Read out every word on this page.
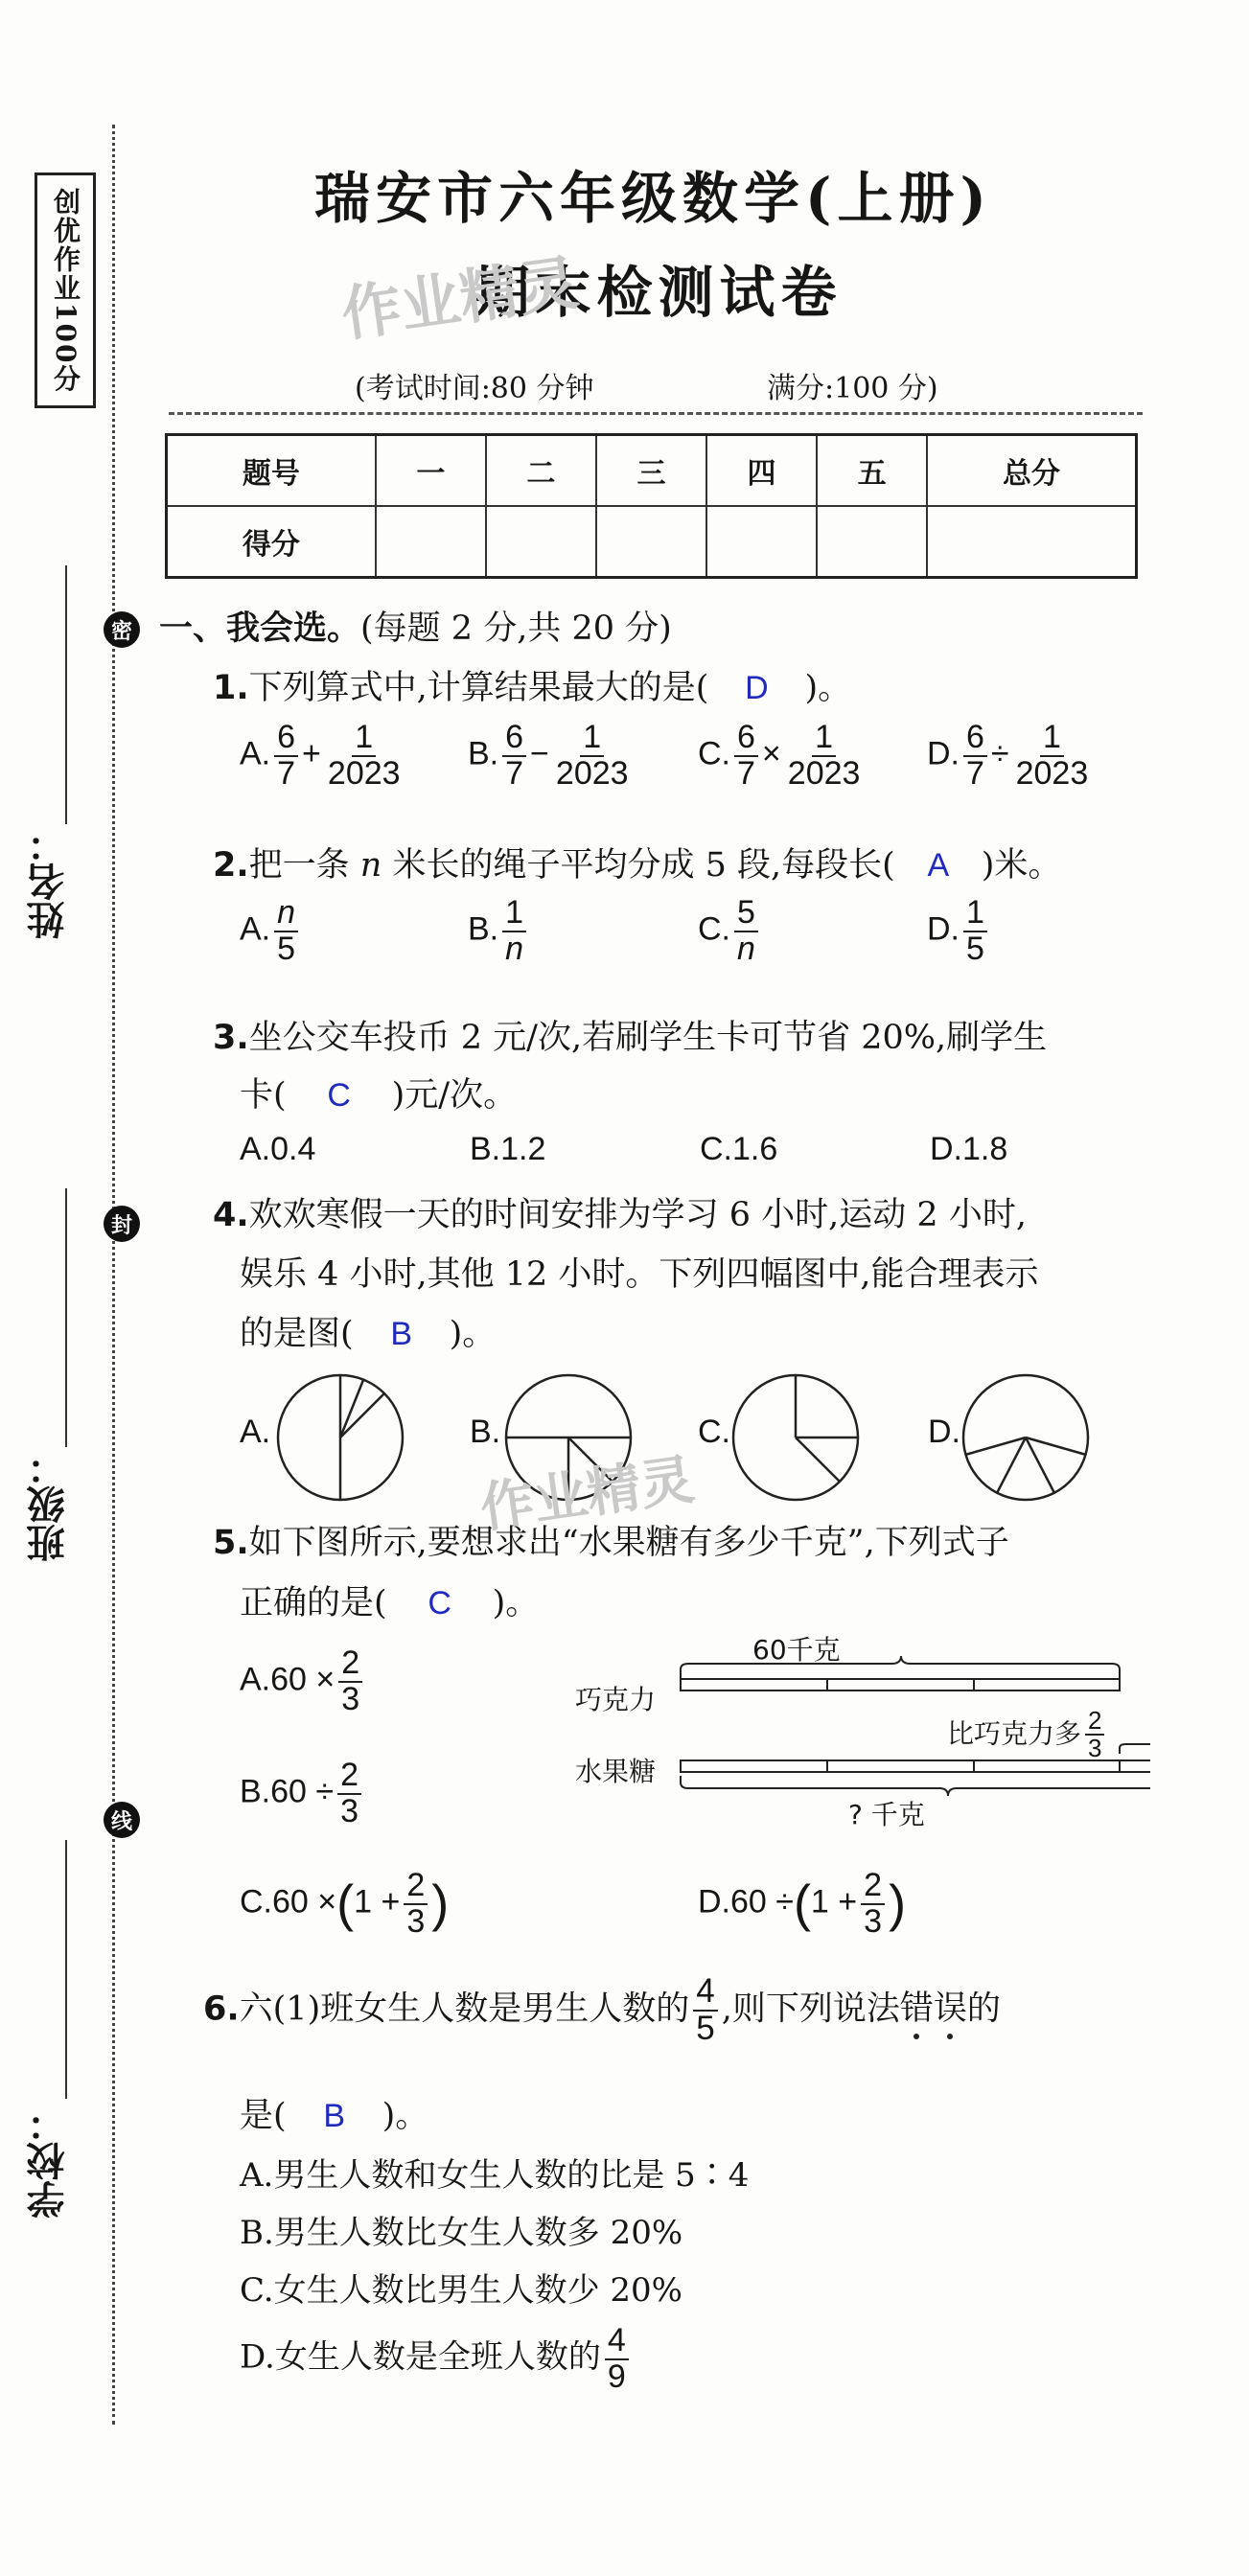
创优作业100分
姓名：
班级：
学校：
密
封
线
瑞安市六年级数学(上册)
期末检测试卷
作业精灵
(考试时间:80 分钟	满分:100 分)
题号	一	二	三	四	五	总分
得分						
一、我会选。(每题 2 分,共 20 分)
1.下列算式中,计算结果最大的是( D )。
A. $\frac{6}{7} + \frac{1}{2023} B$. $\frac{6}{7} - \frac{1}{2023} C$. $\frac{6}{7} \times \frac{1}{2023} D$. $\frac{6}{7} \div \frac{1}{2023}$
2.把一条 n 米长的绳子平均分成 5 段,每段长( A )米。
A. $\frac{n}{5}$	B. $\frac{1}{n}$	C. $\frac{5}{n}$	D. $\frac{1}{5}$
3.坐公交车投币 2 元/次,若刷学生卡可节省 20%,刷学生
卡( C )元/次。
A.0.4	B.1.2	C.1.6	D.1.8
4.欢欢寒假一天的时间安排为学习 6 小时,运动 2 小时,
娱乐 4 小时,其他 12 小时。下列四幅图中,能合理表示
的是图( B )。
A.	B.	C.	D.
作业精灵
5.如下图所示,要想求出“水果糖有多少千克”,下列式子
正确的是( C )。
60千克
巧克力
水果糖
比巧克力多 $\frac{2}{3}$
? 千克
$A.60 \times \frac{2}{3}$
$B.60 \div \frac{2}{3}$
$C.60 \times(1 + \frac{2}{3}$ )	$D.60 \div(1 + \frac{2}{3}$ )
6.六(1)班女生人数是男生人数的 $\frac{4}{5}$ ,则下列说法错误的
是( B )。
A.男生人数和女生人数的比是 5∶4
B.男生人数比女生人数多 20%
C.女生人数比男生人数少 20%
D.女生人数是全班人数的 $\frac{4}{9}$
